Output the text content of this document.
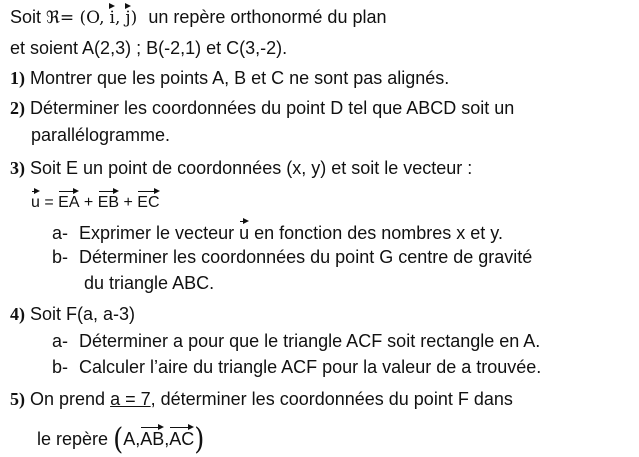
Soit ℜ= (O, i, j) un repère orthonormé du plan
et soient A(2,3) ; B(-2,1) et C(3,-2).
1) Montrer que les points A, B et C ne sont pas alignés.
2) Déterminer les coordonnées du point D tel que ABCD soit un
parallélogramme.
3) Soit E un point de coordonnées (x, y) et soit le vecteur :
u = EA + EB + EC
a- Exprimer le vecteur u en fonction des nombres x et y.
b- Déterminer les coordonnées du point G centre de gravité
du triangle ABC.
4) Soit F(a, a-3)
a- Déterminer a pour que le triangle ACF soit rectangle en A.
b- Calculer l’aire du triangle ACF pour la valeur de a trouvée.
5) On prend a = 7, déterminer les coordonnées du point F dans
le repère (A,AB,AC)
